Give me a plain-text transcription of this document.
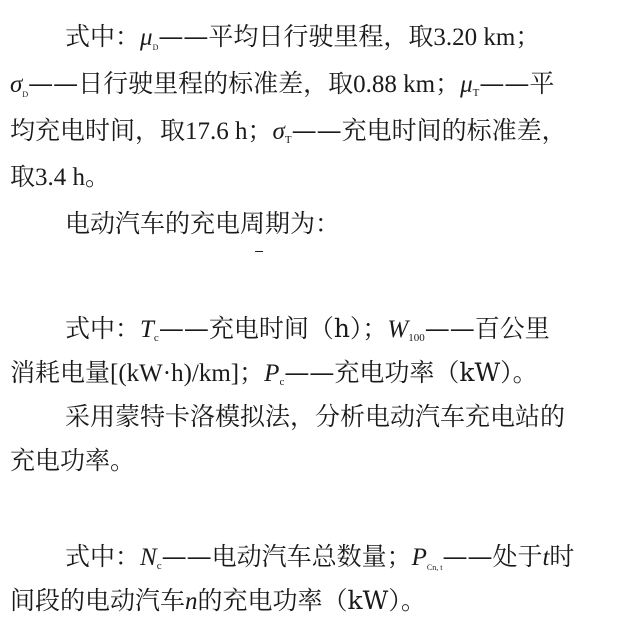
式中：$\mu_D——$平均日行驶里程，取3.20 km；
$\sigma_D——$日行驶里程的标准差，取0.88 km；$\mu_T——$平
均充电时间，取17.6 h；$\sigma_T——$充电时间的标准差，
取3.4 h。
电动汽车的充电周期为：
式中：$T_c——$充电时间（h）；$W_{100}——$百公里
消耗电量[(kW·h)/km]；$P_c——$充电功率（kW）。
采用蒙特卡洛模拟法，分析电动汽车充电站的
充电功率。
式中：$N_c——$电动汽车总数量；$P_{Cn, t}——$处于t时
间段的电动汽车n的充电功率（kW）。
